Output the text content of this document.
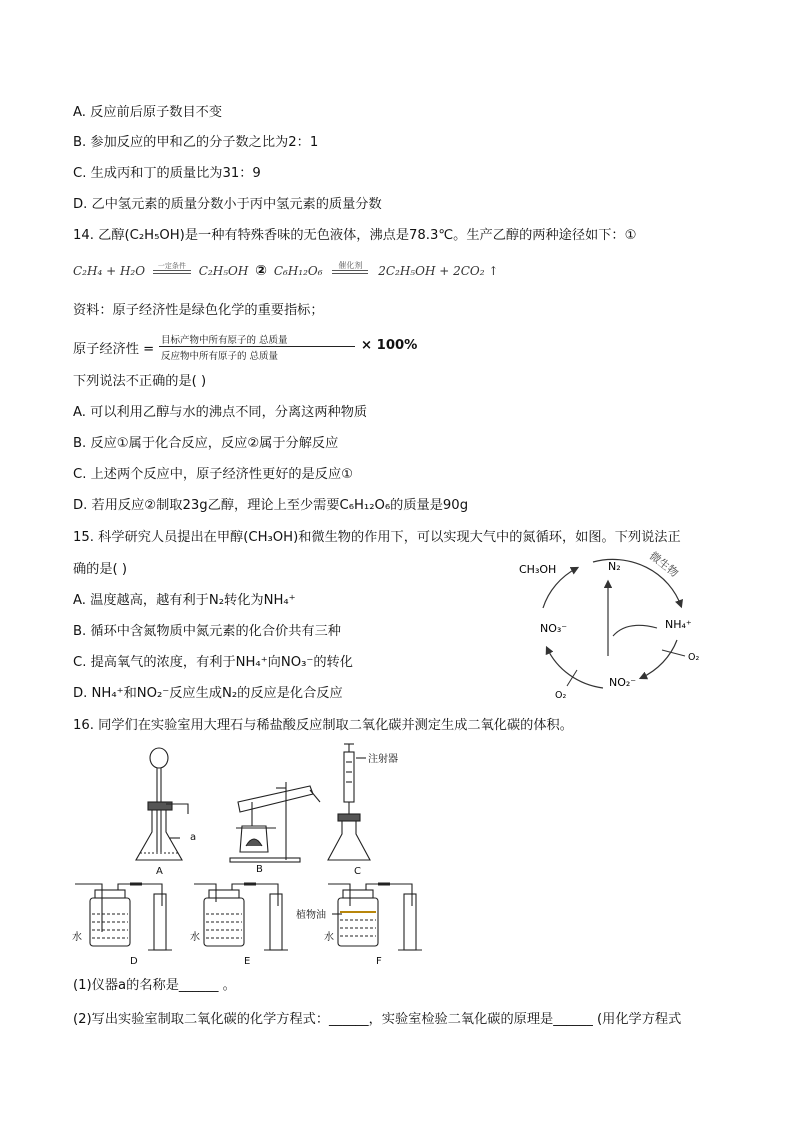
A. 反应前后原子数目不变
B. 参加反应的甲和乙的分子数之比为2：1
C. 生成丙和丁的质量比为31：9
D. 乙中氢元素的质量分数小于丙中氢元素的质量分数
14. 乙醇(C₂H₅OH)是一种有特殊香味的无色液体，沸点是78.3℃。生产乙醇的两种途径如下：①
C₂H₄ + H₂O	一定条件	C₂H₅OH ② C₆H₁₂O₆	催化剂	2C₂H₅OH + 2CO₂ ↑
资料：原子经济性是绿色化学的重要指标；
原子经济性 =
目标产物中所有原子的 总质量
反应物中所有原子的 总质量
× 100%
下列说法不正确的是( )
A. 可以利用乙醇与水的沸点不同，分离这两种物质
B. 反应①属于化合反应，反应②属于分解反应
C. 上述两个反应中，原子经济性更好的是反应①
D. 若用反应②制取23g乙醇，理论上至少需要C₆H₁₂O₆的质量是90g
15. 科学研究人员提出在甲醇(CH₃OH)和微生物的作用下，可以实现大气中的氮循环，如图。下列说法正
确的是( )
A. 温度越高，越有利于N₂转化为NH₄⁺
B. 循环中含氮物质中氮元素的化合价共有三种
C. 提高氧气的浓度，有利于NH₄⁺向NO₃⁻的转化
D. NH₄⁺和NO₂⁻反应生成N₂的反应是化合反应
CH₃OH	N₂ 微生物
NH₄⁺
O₂
NO₂⁻
O₂
NO₃⁻
16. 同学们在实验室用大理石与稀盐酸反应制取二氧化碳并测定生成二氧化碳的体积。
a
A	B	C
注射器
水
D
水
E
植物油
水
F
(1)仪器a的名称是______ 。
(2)写出实验室制取二氧化碳的化学方程式：______，实验室检验二氧化碳的原理是______ (用化学方程式
